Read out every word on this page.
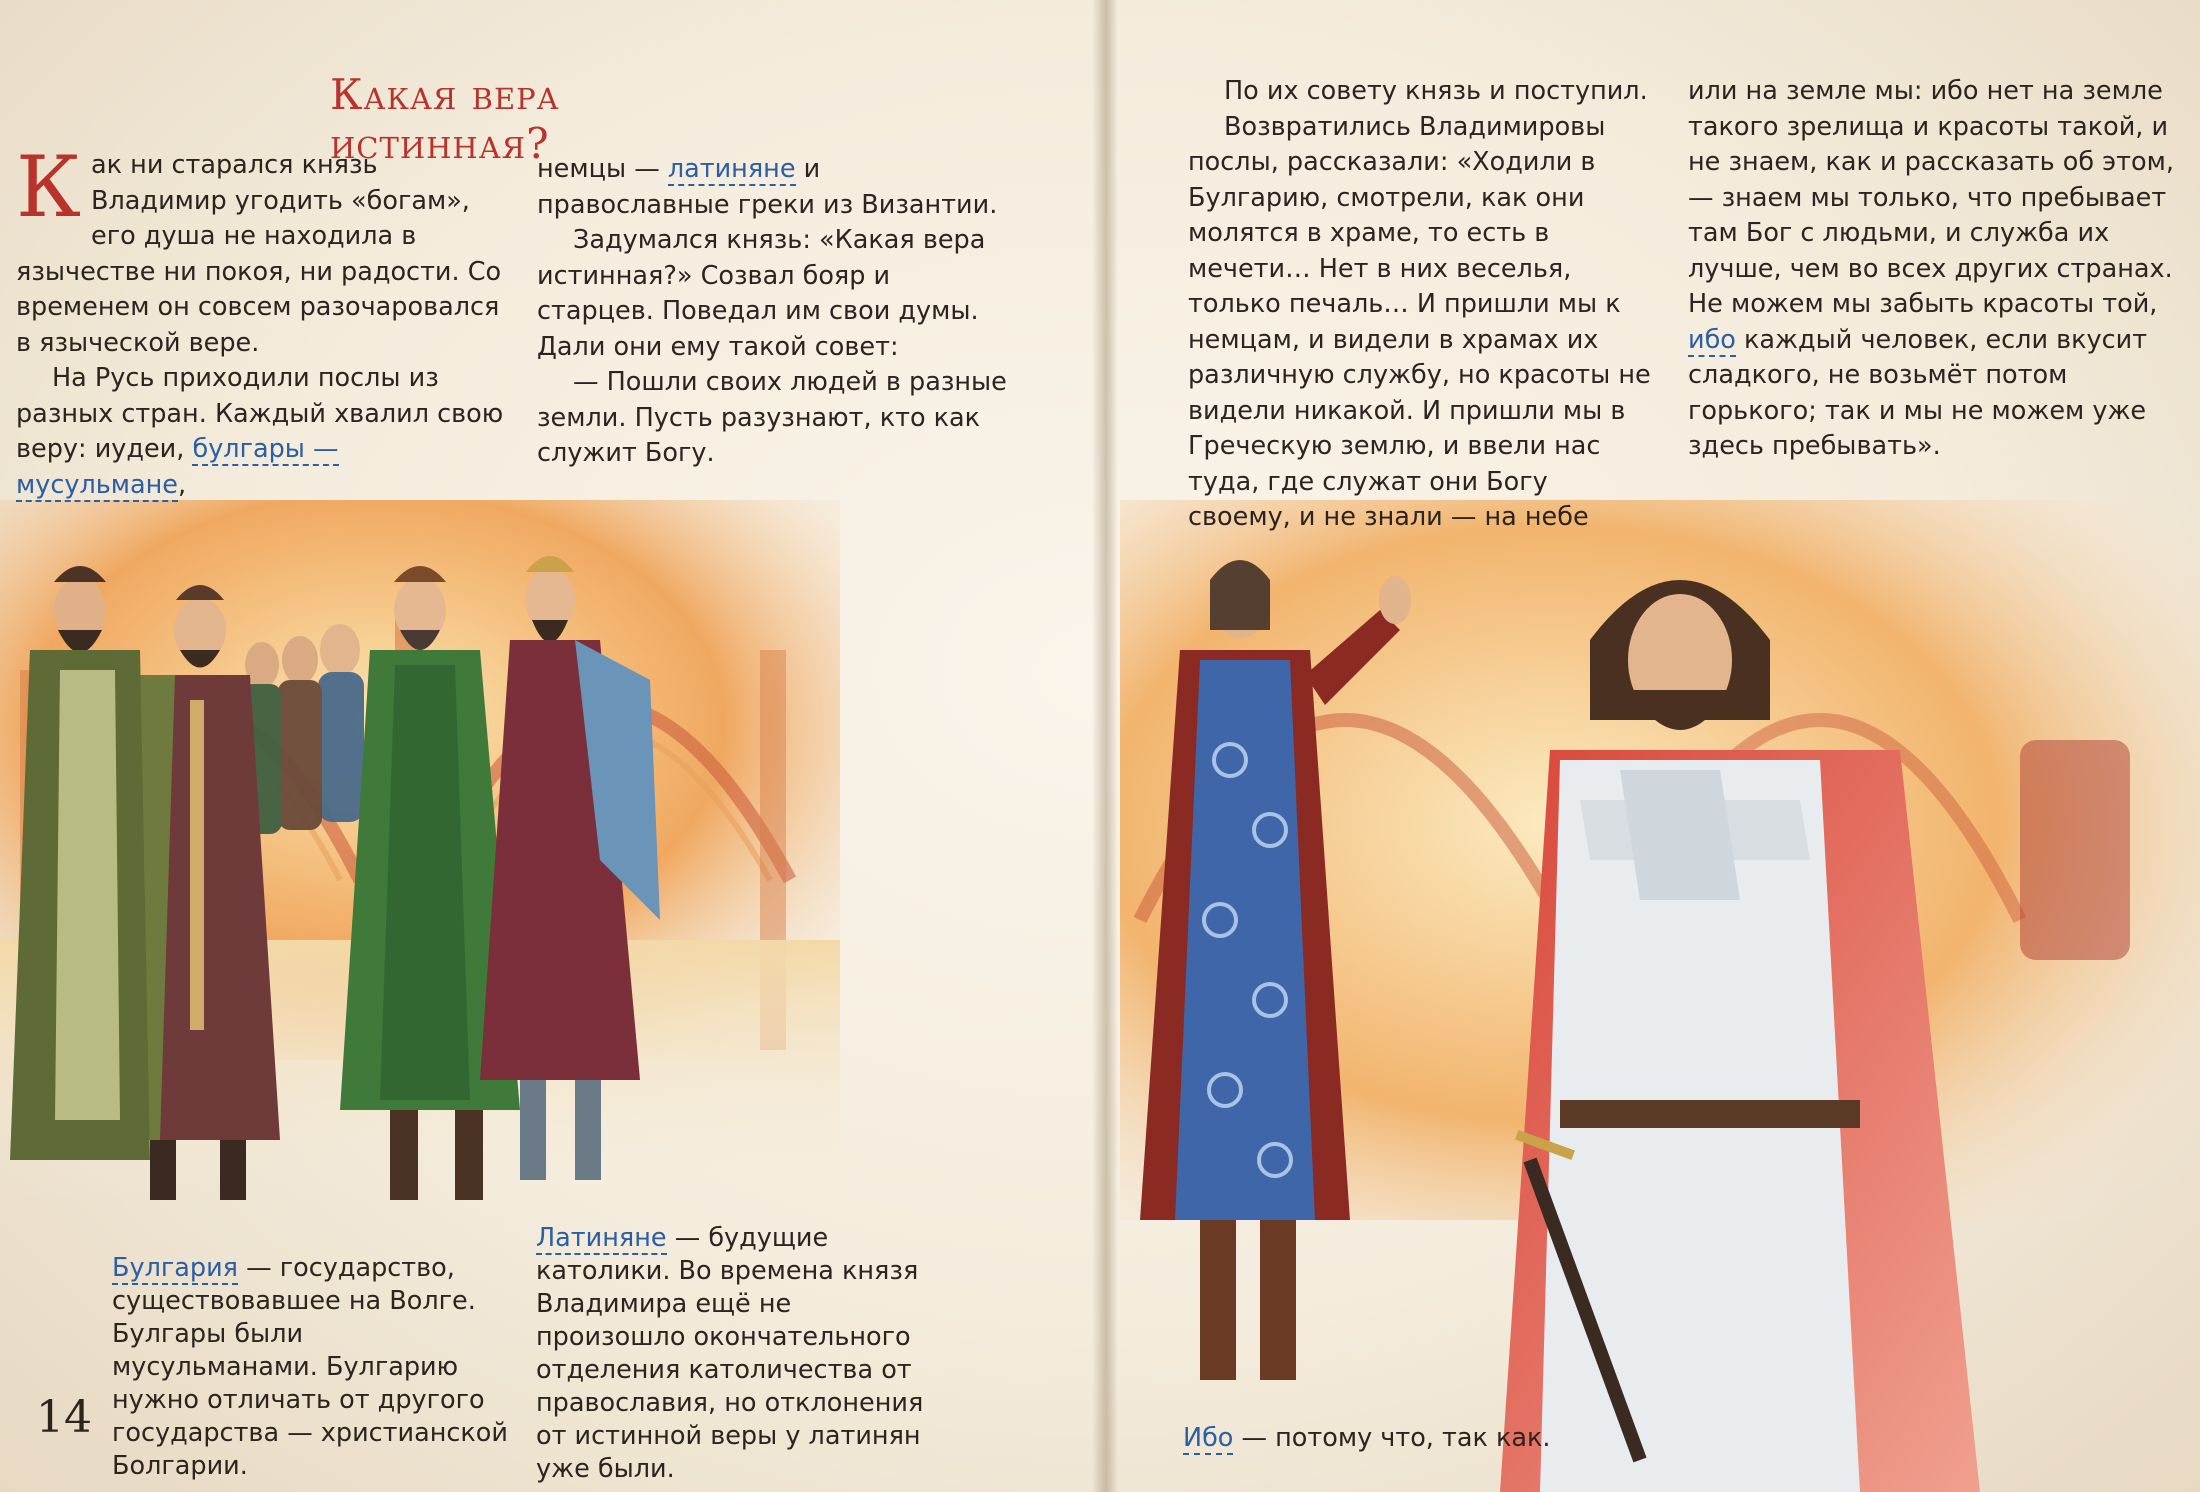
Какая вера истинная?

Как ни старался князь Владимир угодить «богам», его душа не находила в язычестве ни покоя, ни радости. Со временем он совсем разочаровался в языческой вере.

На Русь приходили послы из разных стран. Каждый хвалил свою веру: иудеи, булгары — мусульмане,

немцы — латиняне и православные греки из Византии.

Задумался князь: «Какая вера истинная?» Созвал бояр и старцев. Поведал им свои думы. Дали они ему такой совет:

— Пошли своих людей в разные земли. Пусть разузнают, кто как служит Богу.

Булгария — государство, существовавшее на Волге. Булгары были мусульманами. Булгарию нужно отличать от другого государства — христианской Болгарии.
Латиняне — будущие католики. Во времена князя Владимира ещё не произошло окончательного отделения католичества от православия, но отклонения от истинной веры у латинян уже были.
14

По их совету князь и поступил.

Возвратились Владимировы послы, рассказали: «Ходили в Булгарию, смотрели, как они молятся в храме, то есть в мечети… Нет в них веселья, только печаль… И пришли мы к немцам, и видели в храмах их различную службу, но красоты не видели никакой. И пришли мы в Греческую землю, и ввели нас туда, где служат они Богу своему, и не знали — на небе

или на земле мы: ибо нет на земле такого зрелища и красоты такой, и не знаем, как и рассказать об этом, — знаем мы только, что пребывает там Бог с людьми, и служба их лучше, чем во всех других странах. Не можем мы забыть красоты той, ибо каждый человек, если вкусит сладкого, не возьмёт потом горького; так и мы не можем уже здесь пребывать».

Ибо — потому что, так как.
